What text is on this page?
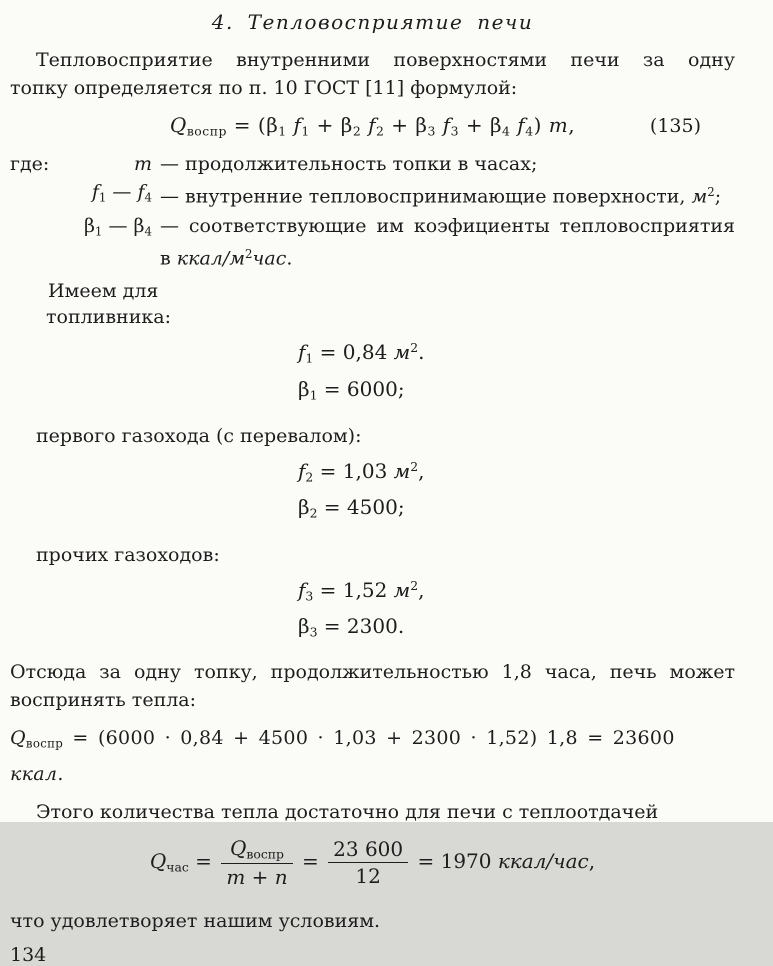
4. Тепловосприятие печи
Тепловосприятие внутренними поверхностями печи за одну
топку определяется по п. 10 ГОСТ [11] формулой:
$Q_{воспр} = (\beta_1$ $f_1 + \beta_2$ $f_2 + \beta_3$ $f_3 + \beta_4$ $f_4$) m,	(135)
где:	m — продолжительность топки в часах;
$f_1$ — $f_4$ — внутренние тепловоспринимающие поверхности, $м^2$;
$\beta_1$ — $\beta_4$ — соответствующие им коэфициенты тепловосприятия в ккал/$м^2час$.
Имеем для
топливника:
$f_1 = 0,84$ $м^2$.
$\beta_1 = 6000$;
первого газохода (с перевалом):
$f_2 = 1,03$ $м^2$,
$\beta_2 = 4500$;
прочих газоходов:
$f_3 = 1,52$ $м^2$,
$\beta_3 = 2300$.
Отсюда за одну топку, продолжительностью 1,8 часа, печь может
воспринять тепла:
$Q_{воспр} = (6000 \cdot 0,84 + 4500 \cdot 1,03 + 2300 \cdot 1,52) 1,8 = 23600$ ккал.
Этого количества тепла достаточно для печи с теплоотдачей
$Q_{час} = \frac{Q_{воспр}}{m + n} = \frac{23 600}{12} = 1970$ ккал/час,
что удовлетворяет нашим условиям.
134
